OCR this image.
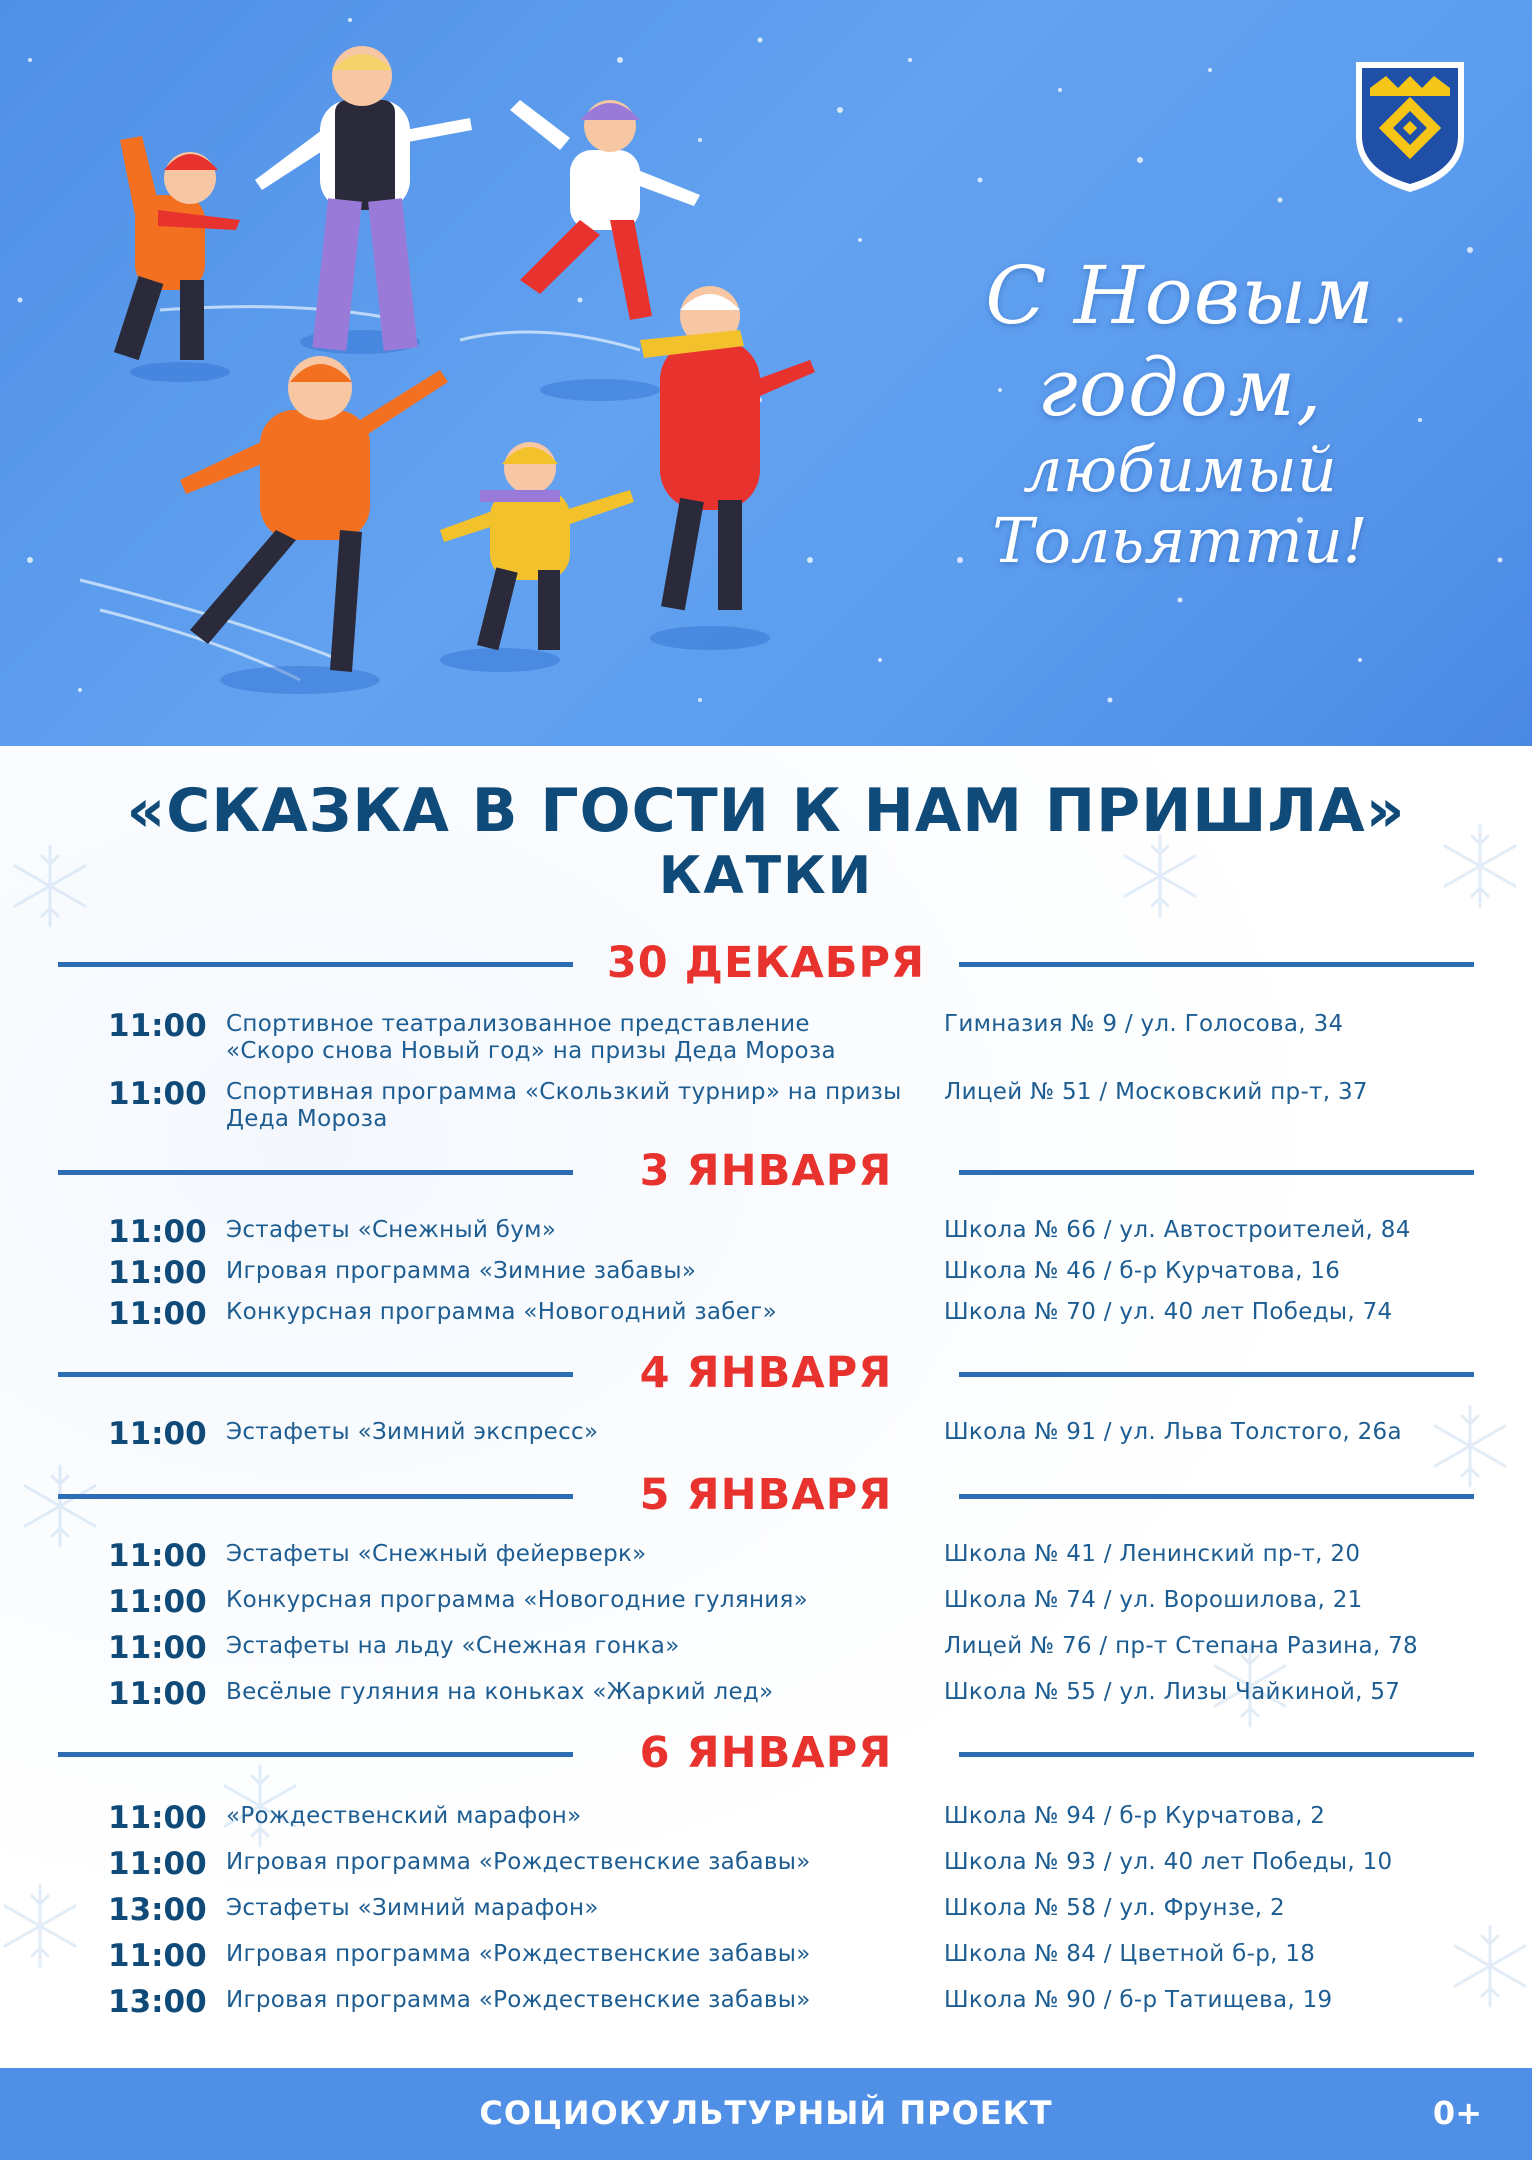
С Новым годом,
любимый Тольятти!
«СКАЗКА В ГОСТИ К НАМ ПРИШЛА»
КАТКИ
30 ДЕКАБРЯ
11:00 Спортивное театрализованное представление «Скоро снова Новый год» на призы Деда Мороза
Гимназия № 9 / ул. Голосова, 34
11:00 Спортивная программа «Скользкий турнир» на призы Деда Мороза
Лицей № 51 / Московский пр-т, 37
3 ЯНВАРЯ
11:00 Эстафеты «Снежный бум»	Школа № 66 / ул. Автостроителей, 84
11:00 Игровая программа «Зимние забавы»	Школа № 46 / б-р Курчатова, 16
11:00 Конкурсная программа «Новогодний забег»	Школа № 70 / ул. 40 лет Победы, 74
4 ЯНВАРЯ
11:00 Эстафеты «Зимний экспресс»	Школа № 91 / ул. Льва Толстого, 26а
5 ЯНВАРЯ
11:00 Эстафеты «Снежный фейерверк»	Школа № 41 / Ленинский пр-т, 20
11:00 Конкурсная программа «Новогодние гуляния»	Школа № 74 / ул. Ворошилова, 21
11:00 Эстафеты на льду «Снежная гонка»	Лицей № 76 / пр-т Степана Разина, 78
11:00 Весёлые гуляния на коньках «Жаркий лед»	Школа № 55 / ул. Лизы Чайкиной, 57
6 ЯНВАРЯ
11:00 «Рождественский марафон»	Школа № 94 / б-р Курчатова, 2
11:00 Игровая программа «Рождественские забавы»	Школа № 93 / ул. 40 лет Победы, 10
13:00 Эстафеты «Зимний марафон»	Школа № 58 / ул. Фрунзе, 2
11:00 Игровая программа «Рождественские забавы»	Школа № 84 / Цветной б-р, 18
13:00 Игровая программа «Рождественские забавы»	Школа № 90 / б-р Татищева, 19
СОЦИОКУЛЬТУРНЫЙ ПРОЕКТ	0+
